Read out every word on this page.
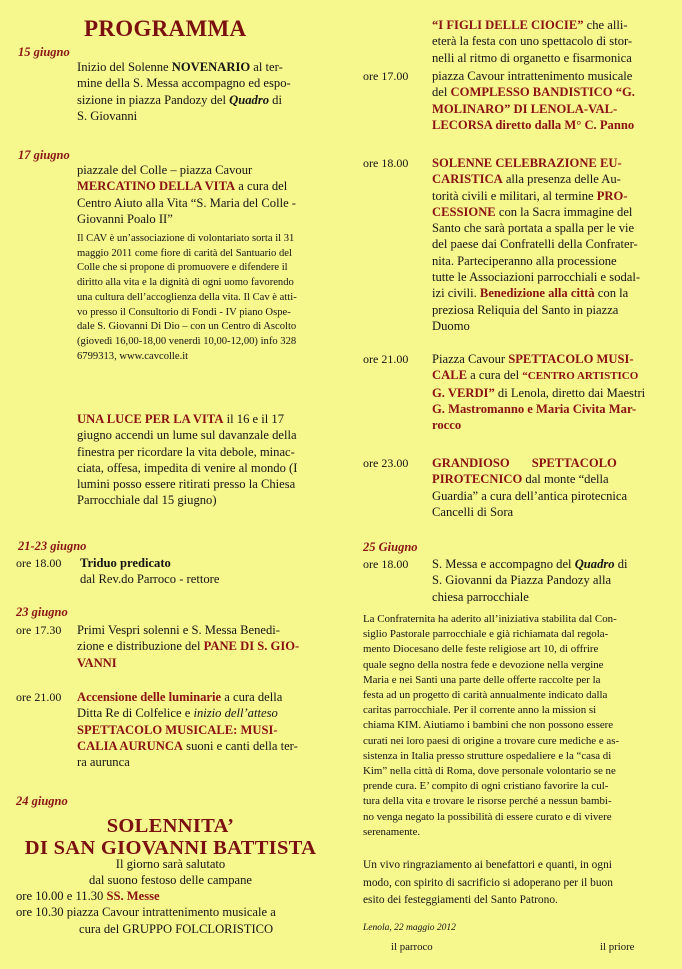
PROGRAMMA
15 giugno
Inizio del Solenne NOVENARIO al ter-
mine della S. Messa accompagno ed espo-
sizione in piazza Pandozy del Quadro di
S. Giovanni
17 giugno
piazzale del Colle – piazza Cavour
MERCATINO DELLA VITA a cura del
Centro Aiuto alla Vita “S. Maria del Colle -
Giovanni Poalo II”
Il CAV è un’associazione di volontariato sorta il 31
maggio 2011 come fiore di carità del Santuario del
Colle che si propone di promuovere e difendere il
diritto alla vita e la dignità di ogni uomo favorendo
una cultura dell’accoglienza della vita. Il Cav è atti-
vo presso il Consultorio di Fondi - IV piano Ospe-
dale S. Giovanni Di Dio – con un Centro di Ascolto
(giovedì 16,00-18,00 venerdì 10,00-12,00) info 328
6799313, www.cavcolle.it
UNA LUCE PER LA VITA il 16 e il 17
giugno accendi un lume sul davanzale della
finestra per ricordare la vita debole, minac-
ciata, offesa, impedita di venire al mondo (I
lumini posso essere ritirati presso la Chiesa
Parrocchiale dal 15 giugno)
21-23 giugno
ore 18.00 Triduo predicato
dal Rev.do Parroco - rettore
23 giugno
ore 17.30 Primi Vespri solenni e S. Messa Benedi-
zione e distribuzione del PANE DI S. GIO-
VANNI
ore 21.00 Accensione delle luminarie a cura della
Ditta Re di Colfelice e inizio dell’atteso
SPETTACOLO MUSICALE: MUSI-
CALIA AURUNCA suoni e canti della ter-
ra aurunca
24 giugno
SOLENNITA’
DI SAN GIOVANNI BATTISTA
Il giorno sarà salutato
dal suono festoso delle campane
ore 10.00 e 11.30 SS. Messe
ore 10.30 piazza Cavour intrattenimento musicale a
cura del GRUPPO FOLCLORISTICO
“I FIGLI DELLE CIOCIE” che alli-
eterà la festa con uno spettacolo di stor-
nelli al ritmo di organetto e fisarmonica
ore 17.00 piazza Cavour intrattenimento musicale
del COMPLESSO BANDISTICO “G.
MOLINARO” DI LENOLA-VAL-
LECORSA diretto dalla M° C. Panno
ore 18.00 SOLENNE CELEBRAZIONE EU-
CARISTICA alla presenza delle Au-
torità civili e militari, al termine PRO-
CESSIONE con la Sacra immagine del
Santo che sarà portata a spalla per le vie
del paese dai Confratelli della Confrater-
nita. Parteciperanno alla processione
tutte le Associazioni parrocchiali e sodal-
izi civili. Benedizione alla città con la
preziosa Reliquia del Santo in piazza
Duomo
ore 21.00 Piazza Cavour SPETTACOLO MUSI-
CALE a cura del “CENTRO ARTISTICO
G. VERDI” di Lenola, diretto dai Maestri
G. Mastromanno e Maria Civita Mar-
rocco
ore 23.00 GRANDIOSO       SPETTACOLO
PIROTECNICO dal monte “della
Guardia” a cura dell’antica pirotecnica
Cancelli di Sora
25 Giugno
ore 18.00 S. Messa e accompagno del Quadro di
S. Giovanni da Piazza Pandozy alla
chiesa parrocchiale
La Confraternita ha aderito all’iniziativa stabilita dal Con-
siglio Pastorale parrocchiale e già richiamata dal regola-
mento Diocesano delle feste religiose art 10, di offrire
quale segno della nostra fede e devozione nella vergine
Maria e nei Santi una parte delle offerte raccolte per la
festa ad un progetto di carità annualmente indicato dalla
caritas parrocchiale. Per il corrente anno la mission si
chiama KIM. Aiutiamo i bambini che non possono essere
curati nei loro paesi di origine a trovare cure mediche e as-
sistenza in Italia presso strutture ospedaliere e la “casa di
Kim” nella città di Roma, dove personale volontario se ne
prende cura. E’ compito di ogni cristiano favorire la cul-
tura della vita e trovare le risorse perché a nessun bambi-
no venga negato la possibilità di essere curato e di vivere
serenamente.
Un vivo ringraziamento ai benefattori e quanti, in ogni
modo, con spirito di sacrificio si adoperano per il buon
esito dei festeggiamenti del Santo Patrono.
Lenola, 22 maggio 2012
il parroco	il priore
